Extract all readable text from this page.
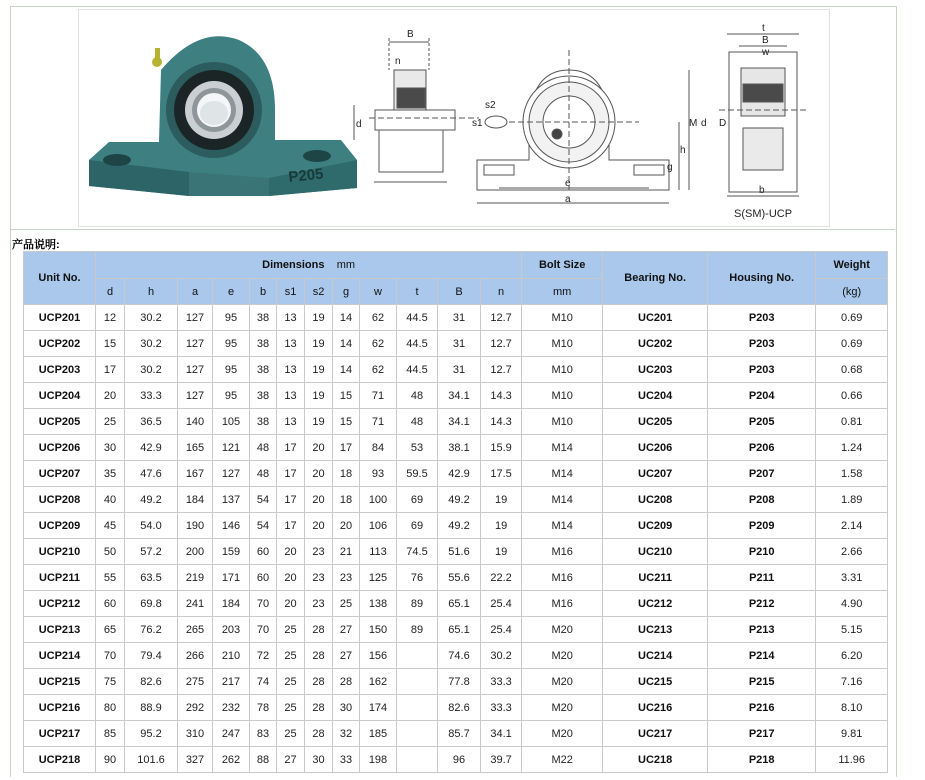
P205
B
n
d
s2
s1
e
a
h
g
M
t
B
w
D
d
b
S(SM)-UCP
产品说明:
Unit No.	Dimensions mm												Bolt Size	Bearing No.	Housing No.	Weight
	d	h	a	e	b	s1	s2	g	w	t	B	n	mm			(kg)
UCP201	12	30.2	127	95	38	13	19	14	62	44.5	31	12.7	M10	UC201	P203	0.69
UCP202	15	30.2	127	95	38	13	19	14	62	44.5	31	12.7	M10	UC202	P203	0.69
UCP203	17	30.2	127	95	38	13	19	14	62	44.5	31	12.7	M10	UC203	P203	0.68
UCP204	20	33.3	127	95	38	13	19	15	71	48	34.1	14.3	M10	UC204	P204	0.66
UCP205	25	36.5	140	105	38	13	19	15	71	48	34.1	14.3	M10	UC205	P205	0.81
UCP206	30	42.9	165	121	48	17	20	17	84	53	38.1	15.9	M14	UC206	P206	1.24
UCP207	35	47.6	167	127	48	17	20	18	93	59.5	42.9	17.5	M14	UC207	P207	1.58
UCP208	40	49.2	184	137	54	17	20	18	100	69	49.2	19	M14	UC208	P208	1.89
UCP209	45	54.0	190	146	54	17	20	20	106	69	49.2	19	M14	UC209	P209	2.14
UCP210	50	57.2	200	159	60	20	23	21	113	74.5	51.6	19	M16	UC210	P210	2.66
UCP211	55	63.5	219	171	60	20	23	23	125	76	55.6	22.2	M16	UC211	P211	3.31
UCP212	60	69.8	241	184	70	20	23	25	138	89	65.1	25.4	M16	UC212	P212	4.90
UCP213	65	76.2	265	203	70	25	28	27	150	89	65.1	25.4	M20	UC213	P213	5.15
UCP214	70	79.4	266	210	72	25	28	27	156		74.6	30.2	M20	UC214	P214	6.20
UCP215	75	82.6	275	217	74	25	28	28	162		77.8	33.3	M20	UC215	P215	7.16
UCP216	80	88.9	292	232	78	25	28	30	174		82.6	33.3	M20	UC216	P216	8.10
UCP217	85	95.2	310	247	83	25	28	32	185		85.7	34.1	M20	UC217	P217	9.81
UCP218	90	101.6	327	262	88	27	30	33	198		96	39.7	M22	UC218	P218	11.96
